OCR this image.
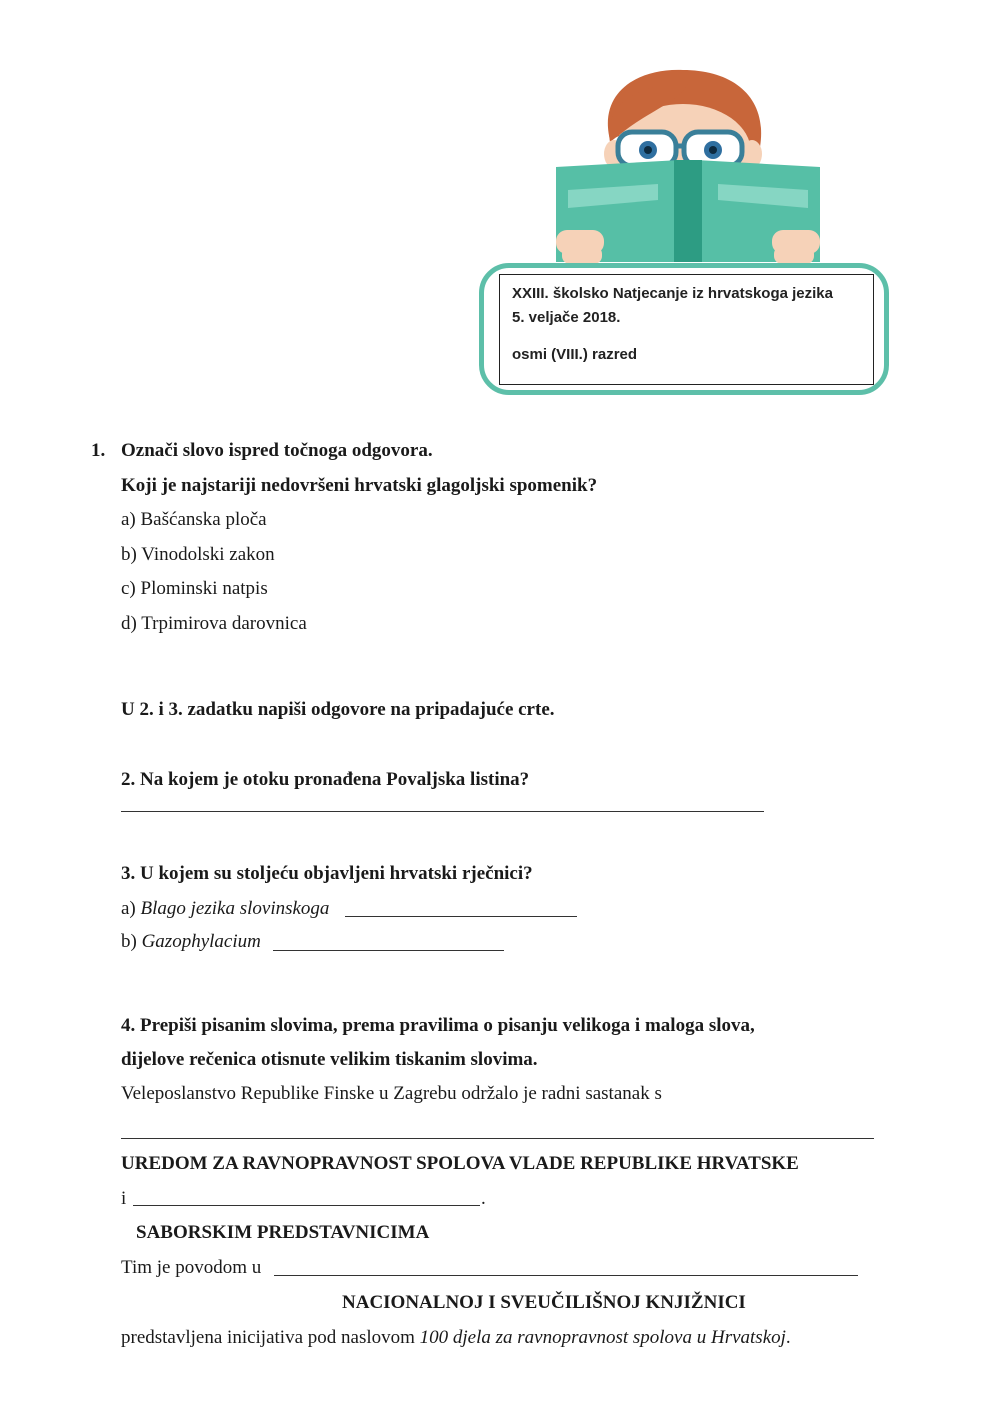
XXIII. školsko Natjecanje iz hrvatskoga jezika
5. veljače 2018.
osmi (VIII.) razred
1. Označi slovo ispred točnoga odgovora.
Koji je najstariji nedovršeni hrvatski glagoljski spomenik?
a) Bašćanska ploča
b) Vinodolski zakon
c) Plominski natpis
d) Trpimirova darovnica
U 2. i 3. zadatku napiši odgovore na pripadajuće crte.
2. Na kojem je otoku pronađena Povaljska listina?
3. U kojem su stoljeću objavljeni hrvatski rječnici?
a) Blago jezika slovinskoga
b) Gazophylacium
4. Prepiši pisanim slovima, prema pravilima o pisanju velikoga i maloga slova,
dijelove rečenica otisnute velikim tiskanim slovima.
Veleposlanstvo Republike Finske u Zagrebu održalo je radni sastanak s
UREDOM ZA RAVNOPRAVNOST SPOLOVA VLADE REPUBLIKE HRVATSKE
i	.
SABORSKIM PREDSTAVNICIMA
Tim je povodom u
NACIONALNOJ I SVEUČILIŠNOJ KNJIŽNICI
predstavljena inicijativa pod naslovom 100 djela za ravnopravnost spolova u Hrvatskoj.
